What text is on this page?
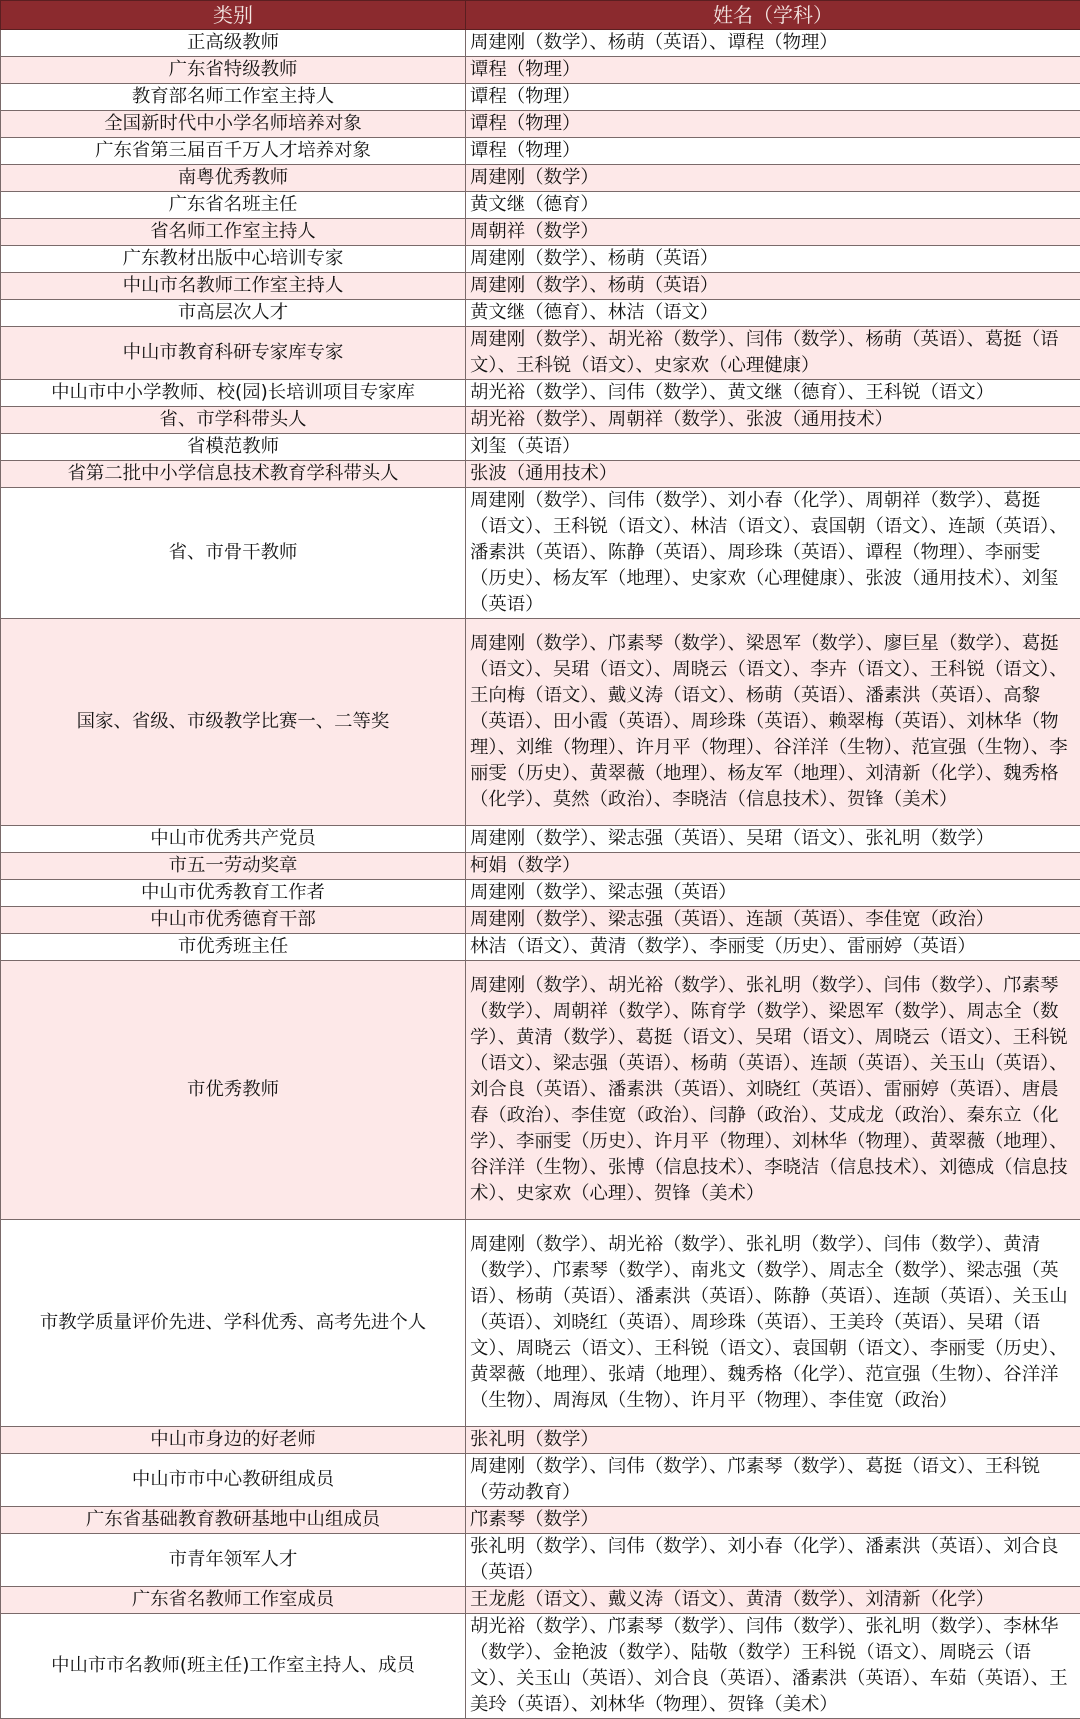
类别	姓名（学科）
正高级教师	周建刚（数学）、杨萌（英语）、谭程（物理）
广东省特级教师	谭程（物理）
教育部名师工作室主持人	谭程（物理）
全国新时代中小学名师培养对象	谭程（物理）
广东省第三届百千万人才培养对象	谭程（物理）
南粤优秀教师	周建刚（数学）
广东省名班主任	黄文继（德育）
省名师工作室主持人	周朝祥（数学）
广东教材出版中心培训专家	周建刚（数学）、杨萌（英语）
中山市名教师工作室主持人	周建刚（数学）、杨萌（英语）
市高层次人才	黄文继（德育）、林洁（语文）
中山市教育科研专家库专家	周建刚（数学）、胡光裕（数学）、闫伟（数学）、杨萌（英语）、葛挺（语文）、王科锐（语文）、史家欢（心理健康）
中山市中小学教师、校(园)长培训项目专家库	胡光裕（数学）、闫伟（数学）、黄文继（德育）、王科锐（语文）
省、市学科带头人	胡光裕（数学）、周朝祥（数学）、张波（通用技术）
省模范教师	刘玺（英语）
省第二批中小学信息技术教育学科带头人	张波（通用技术）
省、市骨干教师	周建刚（数学）、闫伟（数学）、刘小春（化学）、周朝祥（数学）、葛挺（语文）、王科锐（语文）、林洁（语文）、袁国朝（语文）、连颉（英语）、潘素洪（英语）、陈静（英语）、周珍珠（英语）、谭程（物理）、李丽雯（历史）、杨友军（地理）、史家欢（心理健康）、张波（通用技术）、刘玺（英语）
国家、省级、市级教学比赛一、二等奖	周建刚（数学）、邝素琴（数学）、梁恩军（数学）、廖巨星（数学）、葛挺（语文）、吴珺（语文）、周晓云（语文）、李卉（语文）、王科锐（语文）、王向梅（语文）、戴义涛（语文）、杨萌（英语）、潘素洪（英语）、高黎（英语）、田小霞（英语）、周珍珠（英语）、赖翠梅（英语）、刘林华（物理）、刘维（物理）、许月平（物理）、谷洋洋（生物）、范宣强（生物）、李丽雯（历史）、黄翠薇（地理）、杨友军（地理）、刘清新（化学）、魏秀格（化学）、莫然（政治）、李晓洁（信息技术）、贺锋（美术）
中山市优秀共产党员	周建刚（数学）、梁志强（英语）、吴珺（语文）、张礼明（数学）
市五一劳动奖章	柯娟（数学）
中山市优秀教育工作者	周建刚（数学）、梁志强（英语）
中山市优秀德育干部	周建刚（数学）、梁志强（英语）、连颉（英语）、李佳宽（政治）
市优秀班主任	林洁（语文）、黄清（数学）、李丽雯（历史）、雷丽婷（英语）
市优秀教师	周建刚（数学）、胡光裕（数学）、张礼明（数学）、闫伟（数学）、邝素琴（数学）、周朝祥（数学）、陈育学（数学）、梁恩军（数学）、周志全（数学）、黄清（数学）、葛挺（语文）、吴珺（语文）、周晓云（语文）、王科锐（语文）、梁志强（英语）、杨萌（英语）、连颉（英语）、关玉山（英语）、刘合良（英语）、潘素洪（英语）、刘晓红（英语）、雷丽婷（英语）、唐晨春（政治）、李佳宽（政治）、闫静（政治）、艾成龙（政治）、秦东立（化学）、李丽雯（历史）、许月平（物理）、刘林华（物理）、黄翠薇（地理）、谷洋洋（生物）、张博（信息技术）、李晓洁（信息技术）、刘德成（信息技术）、史家欢（心理）、贺锋（美术）
市教学质量评价先进、学科优秀、高考先进个人	周建刚（数学）、胡光裕（数学）、张礼明（数学）、闫伟（数学）、黄清（数学）、邝素琴（数学）、南兆文（数学）、周志全（数学）、梁志强（英语）、杨萌（英语）、潘素洪（英语）、陈静（英语）、连颉（英语）、关玉山（英语）、刘晓红（英语）、周珍珠（英语）、王美玲（英语）、吴珺（语文）、周晓云（语文）、王科锐（语文）、袁国朝（语文）、李丽雯（历史）、黄翠薇（地理）、张靖（地理）、魏秀格（化学）、范宣强（生物）、谷洋洋（生物）、周海凤（生物）、许月平（物理）、李佳宽（政治）
中山市身边的好老师	张礼明（数学）
中山市市中心教研组成员	周建刚（数学）、闫伟（数学）、邝素琴（数学）、葛挺（语文）、王科锐（劳动教育）
广东省基础教育教研基地中山组成员	邝素琴（数学）
市青年领军人才	张礼明（数学）、闫伟（数学）、刘小春（化学）、潘素洪（英语）、刘合良（英语）
广东省名教师工作室成员	王龙彪（语文）、戴义涛（语文）、黄清（数学）、刘清新（化学）
中山市市名教师(班主任)工作室主持人、成员	胡光裕（数学）、邝素琴（数学）、闫伟（数学）、张礼明（数学）、李林华（数学）、金艳波（数学）、陆敬（数学）王科锐（语文）、周晓云（语文）、关玉山（英语）、刘合良（英语）、潘素洪（英语）、车茹（英语）、王美玲（英语）、刘林华（物理）、贺锋（美术）
